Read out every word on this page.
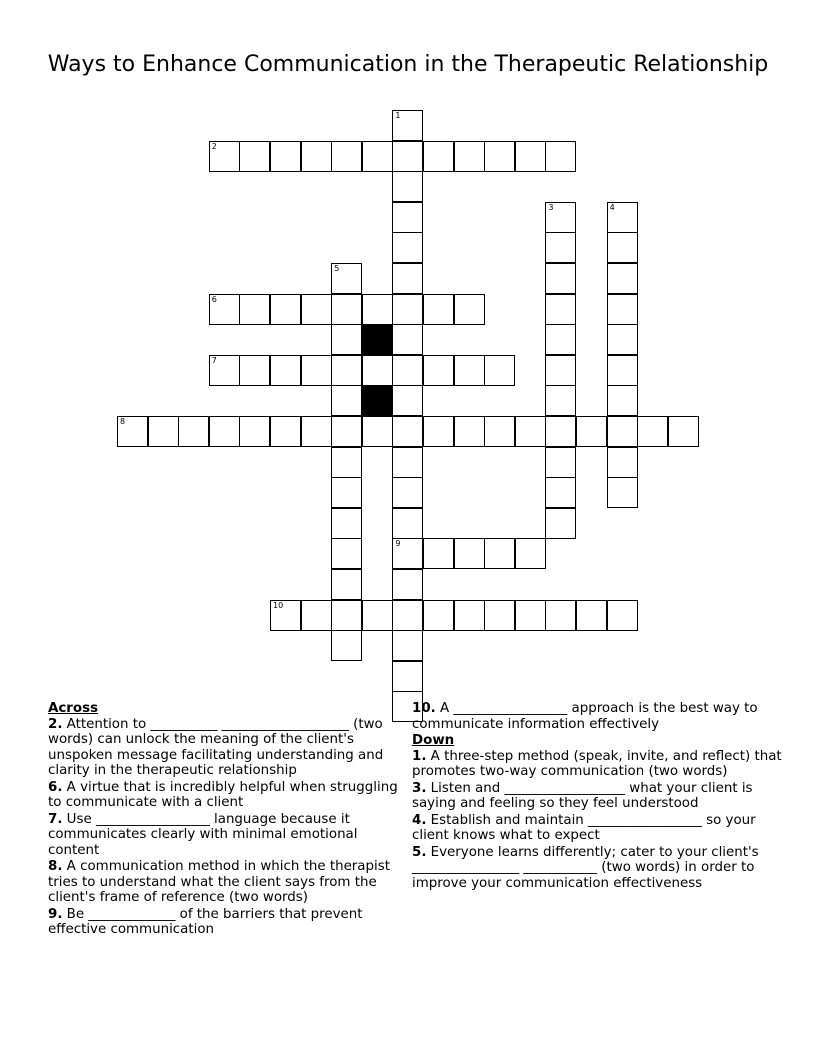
Ways to Enhance Communication in the Therapeutic Relationship
1
9
2
3	4
5
6
7
8
10
Across
2. Attention to __________ ___________________ (two words) can unlock the meaning of the client's unspoken message facilitating understanding and clarity in the therapeutic relationship
6. A virtue that is incredibly helpful when struggling to communicate with a client
7. Use _________________ language because it communicates clearly with minimal emotional content
8. A communication method in which the therapist tries to understand what the client says from the client's frame of reference (two words)
9. Be _____________ of the barriers that prevent effective communication
10. A _________________ approach is the best way to communicate information effectively
Down
1. A three-step method (speak, invite, and reflect) that promotes two-way communication (two words)
3. Listen and __________________ what your client is saying and feeling so they feel understood
4. Establish and maintain _________________ so your client knows what to expect
5. Everyone learns differently; cater to your client's ________________ ___________ (two words) in order to improve your communication effectiveness
